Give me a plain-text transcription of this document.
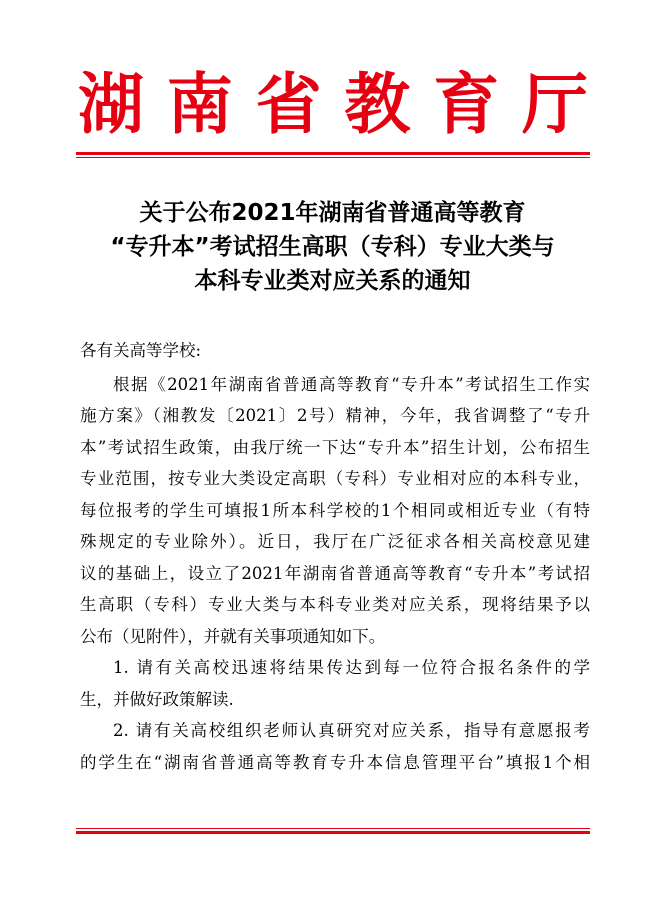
湖 南 省 教 育 厅
关于公布2021年湖南省普通高等教育
“专升本”考试招生高职（专科）专业大类与
本科专业类对应关系的通知
各有关高等学校:
根据《2021年湖南省普通高等教育“专升本”考试招生工作实
施方案》（湘教发〔2021〕2号）精神，今年，我省调整了“专升
本”考试招生政策，由我厅统一下达“专升本”招生计划，公布招生
专业范围，按专业大类设定高职（专科）专业相对应的本科专业，
每位报考的学生可填报1所本科学校的1个相同或相近专业（有特
殊规定的专业除外）。近日，我厅在广泛征求各相关高校意见建
议的基础上，设立了2021年湖南省普通高等教育“专升本”考试招
生高职（专科）专业大类与本科专业类对应关系，现将结果予以
公布（见附件），并就有关事项通知如下。
1. 请有关高校迅速将结果传达到每一位符合报名条件的学
生，并做好政策解读.
2. 请有关高校组织老师认真研究对应关系，指导有意愿报考
的学生在“湖南省普通高等教育专升本信息管理平台”填报1个相
